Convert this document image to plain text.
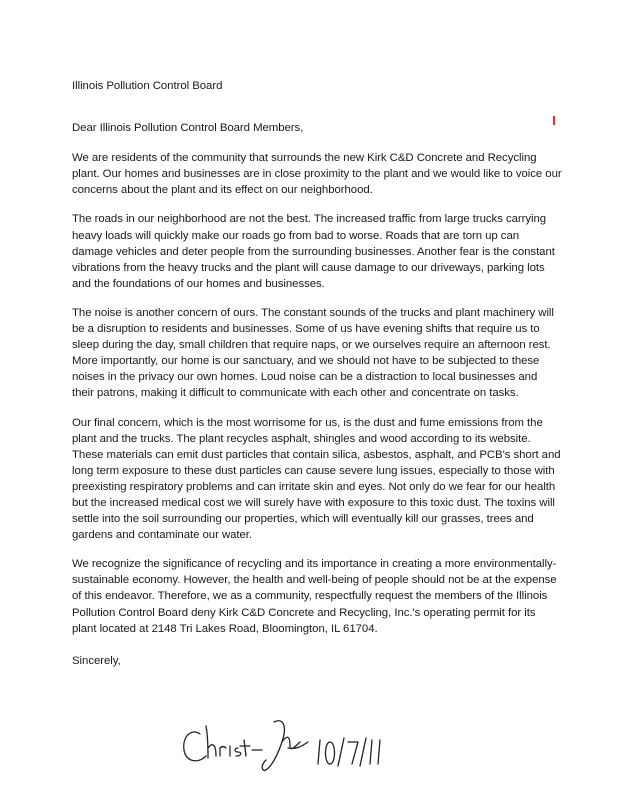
Illinois Pollution Control Board

Dear Illinois Pollution Control Board Members,

We are residents of the community that surrounds the new Kirk C&D Concrete and Recycling plant. Our homes and businesses are in close proximity to the plant and we would like to voice our concerns about the plant and its effect on our neighborhood.

The roads in our neighborhood are not the best. The increased traffic from large trucks carrying heavy loads will quickly make our roads go from bad to worse. Roads that are torn up can damage vehicles and deter people from the surrounding businesses. Another fear is the constant vibrations from the heavy trucks and the plant will cause damage to our driveways, parking lots and the foundations of our homes and businesses.

The noise is another concern of ours. The constant sounds of the trucks and plant machinery will be a disruption to residents and businesses. Some of us have evening shifts that require us to sleep during the day, small children that require naps, or we ourselves require an afternoon rest. More importantly, our home is our sanctuary, and we should not have to be subjected to these noises in the privacy our own homes. Loud noise can be a distraction to local businesses and their patrons, making it difficult to communicate with each other and concentrate on tasks.

Our final concern, which is the most worrisome for us, is the dust and fume emissions from the plant and the trucks. The plant recycles asphalt, shingles and wood according to its website. These materials can emit dust particles that contain silica, asbestos, asphalt, and PCB's short and long term exposure to these dust particles can cause severe lung issues, especially to those with preexisting respiratory problems and can irritate skin and eyes. Not only do we fear for our health but the increased medical cost we will surely have with exposure to this toxic dust. The toxins will settle into the soil surrounding our properties, which will eventually kill our grasses, trees and gardens and contaminate our water.

We recognize the significance of recycling and its importance in creating a more environmentally-sustainable economy. However, the health and well-being of people should not be at the expense of this endeavor. Therefore, we as a community, respectfully request the members of the Illinois Pollution Control Board deny Kirk C&D Concrete and Recycling, Inc.'s operating permit for its plant located at 2148 Tri Lakes Road, Bloomington, IL 61704.

Sincerely,
